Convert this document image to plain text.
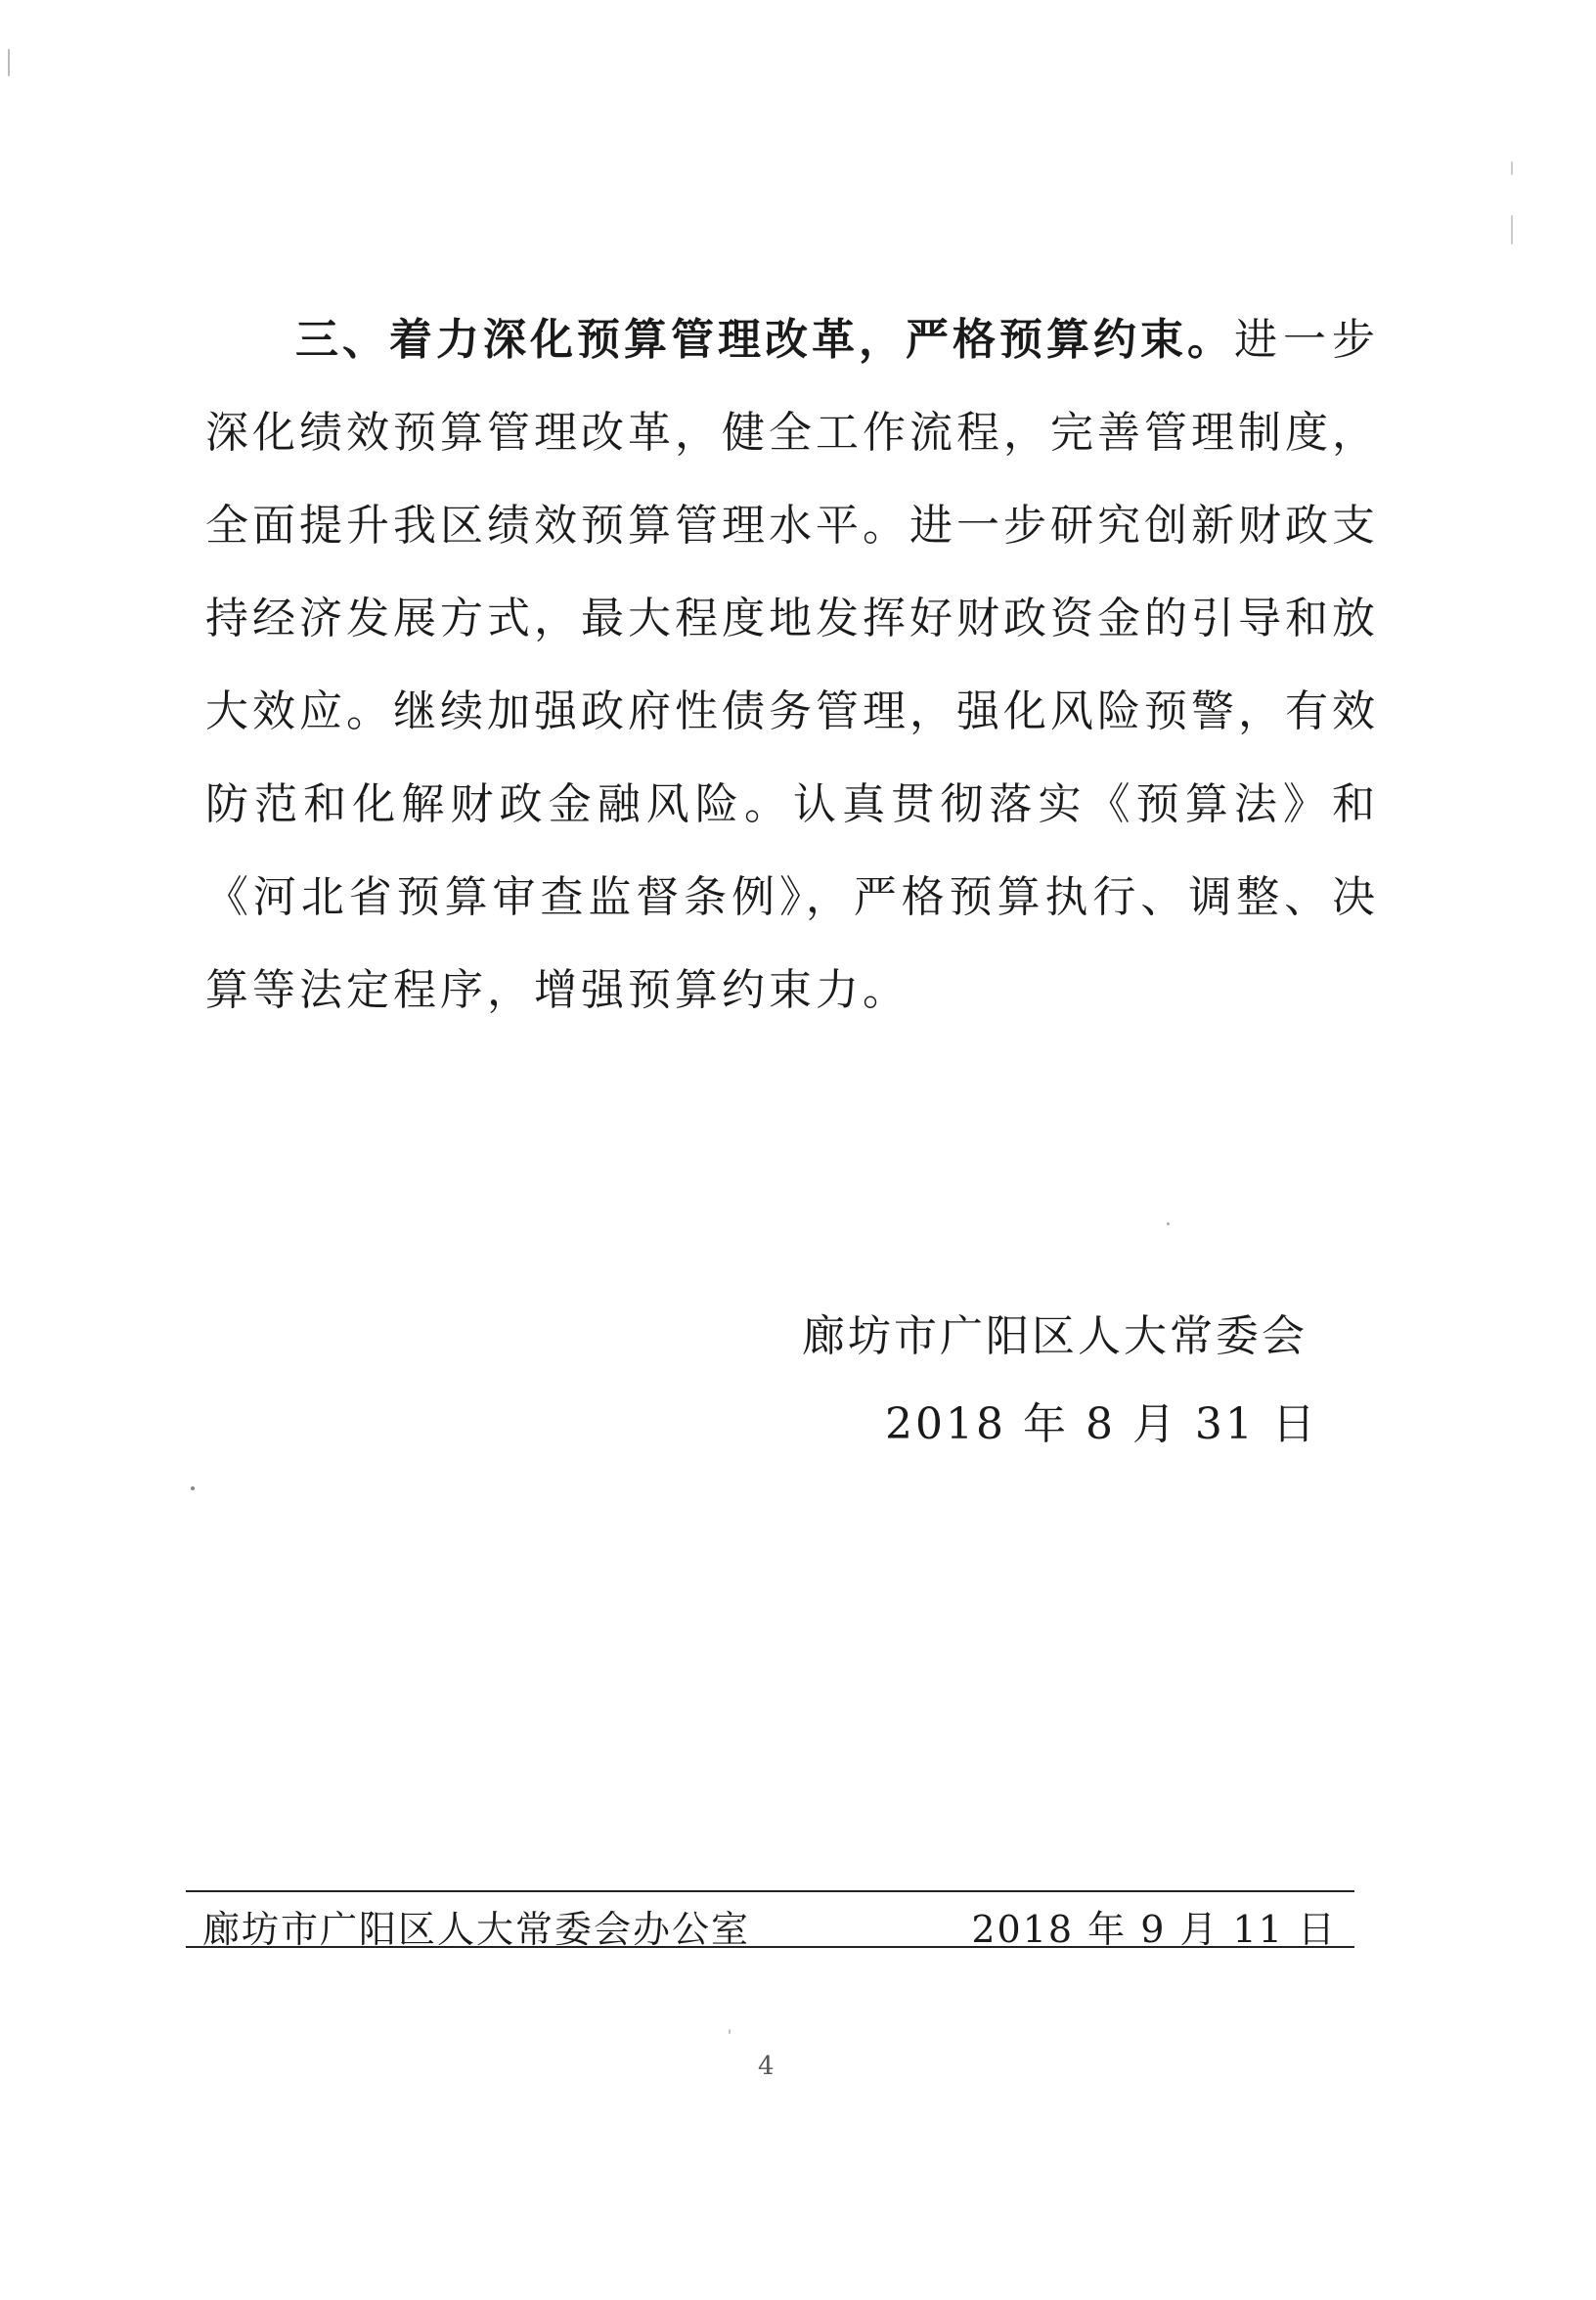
三、着力深化预算管理改革，严格预算约束。进一步深化绩效预算管理改革，健全工作流程，完善管理制度，全面提升我区绩效预算管理水平。进一步研究创新财政支持经济发展方式，最大程度地发挥好财政资金的引导和放大效应。继续加强政府性债务管理，强化风险预警，有效防范和化解财政金融风险。认真贯彻落实《预算法》和《河北省预算审查监督条例》，严格预算执行、调整、决算等法定程序，增强预算约束力。

廊坊市广阳区人大常委会
2018 年 8 月 31 日
廊坊市广阳区人大常委会办公室	2018 年 9 月 11 日
4
